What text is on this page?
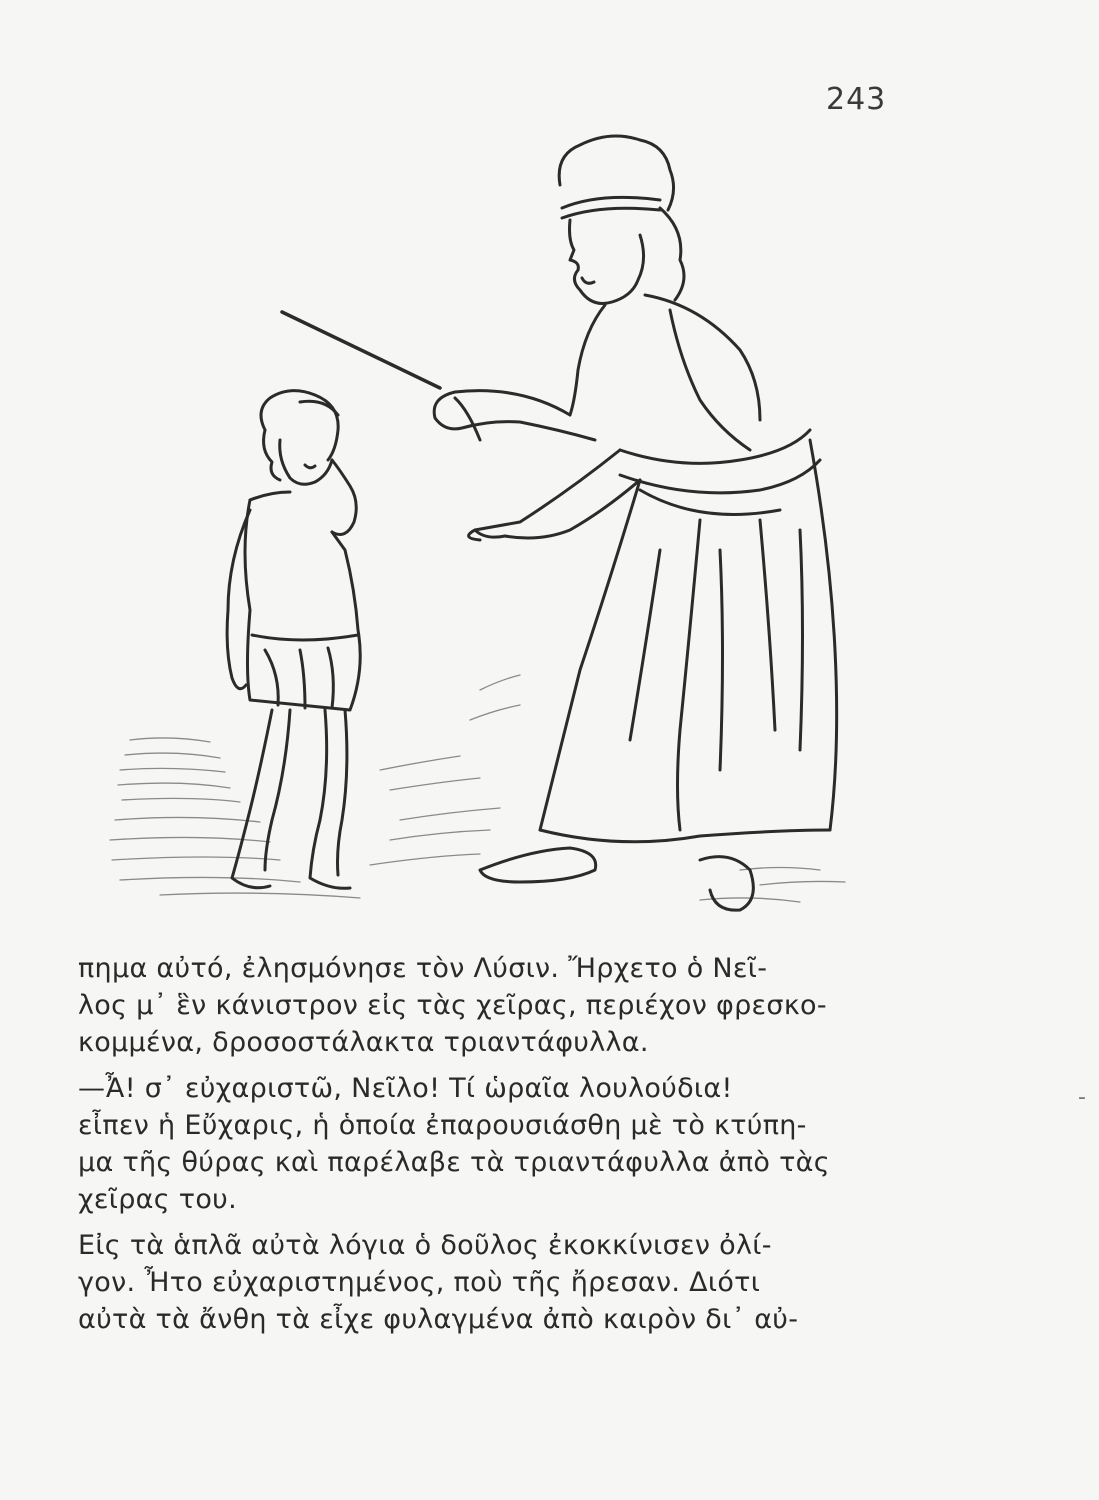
243
πημα αὐτό, ἐλησμόνησε τὸν Λύσιν. Ἤρχετο ὁ Νεῖ-
λος μ᾽ ἓν κάνιστρον εἰς τὰς χεῖρας, περιέχον φρεσκο-
κομμένα, δροσοστάλακτα τριαντάφυλλα.
—Ἆ! σ᾽ εὐχαριστῶ, Νεῖλο! Τί ὡραῖα λουλούδια!
εἶπεν ἡ Εὔχαρις, ἡ ὁποία ἐπαρουσιάσθη μὲ τὸ κτύπη-
μα τῆς θύρας καὶ παρέλαβε τὰ τριαντάφυλλα ἀπὸ τὰς
χεῖρας του.
Εἰς τὰ ἁπλᾶ αὐτὰ λόγια ὁ δοῦλος ἐκοκκίνισεν ὀλί-
γον. Ἦτο εὐχαριστημένος, ποὺ τῆς ἤρεσαν. Διότι
αὐτὰ τὰ ἄνθη τὰ εἶχε φυλαγμένα ἀπὸ καιρὸν δι᾽ αὐ-
‐
